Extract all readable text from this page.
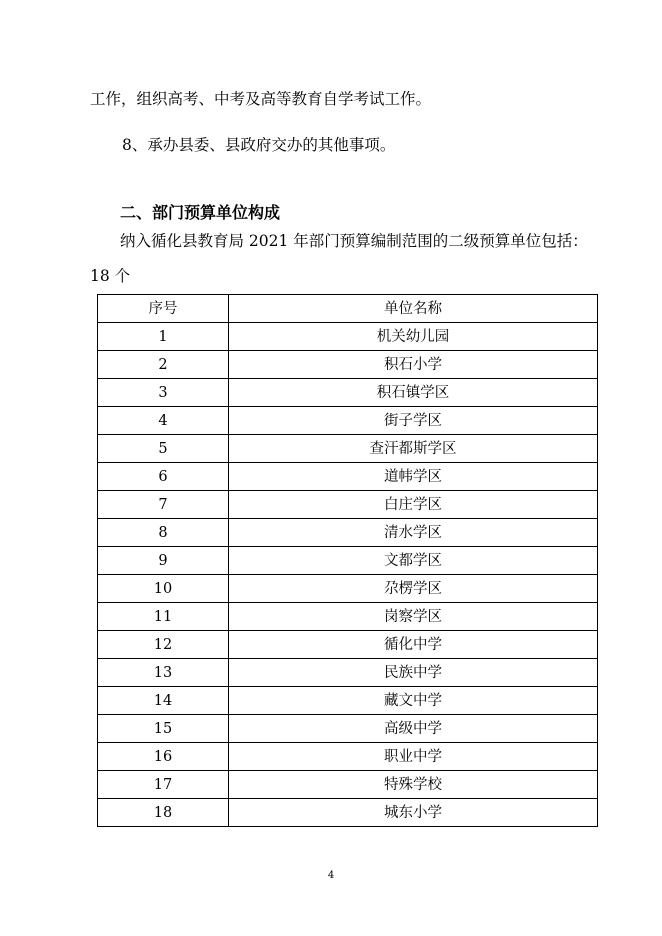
工作，组织高考、中考及高等教育自学考试工作。
8、承办县委、县政府交办的其他事项。
二、部门预算单位构成
纳入循化县教育局 2021 年部门预算编制范围的二级预算单位包括：
18 个
序号	单位名称
1	机关幼儿园
2	积石小学
3	积石镇学区
4	街子学区
5	查汗都斯学区
6	道帏学区
7	白庄学区
8	清水学区
9	文都学区
10	尕楞学区
11	岗察学区
12	循化中学
13	民族中学
14	藏文中学
15	高级中学
16	职业中学
17	特殊学校
18	城东小学
4
